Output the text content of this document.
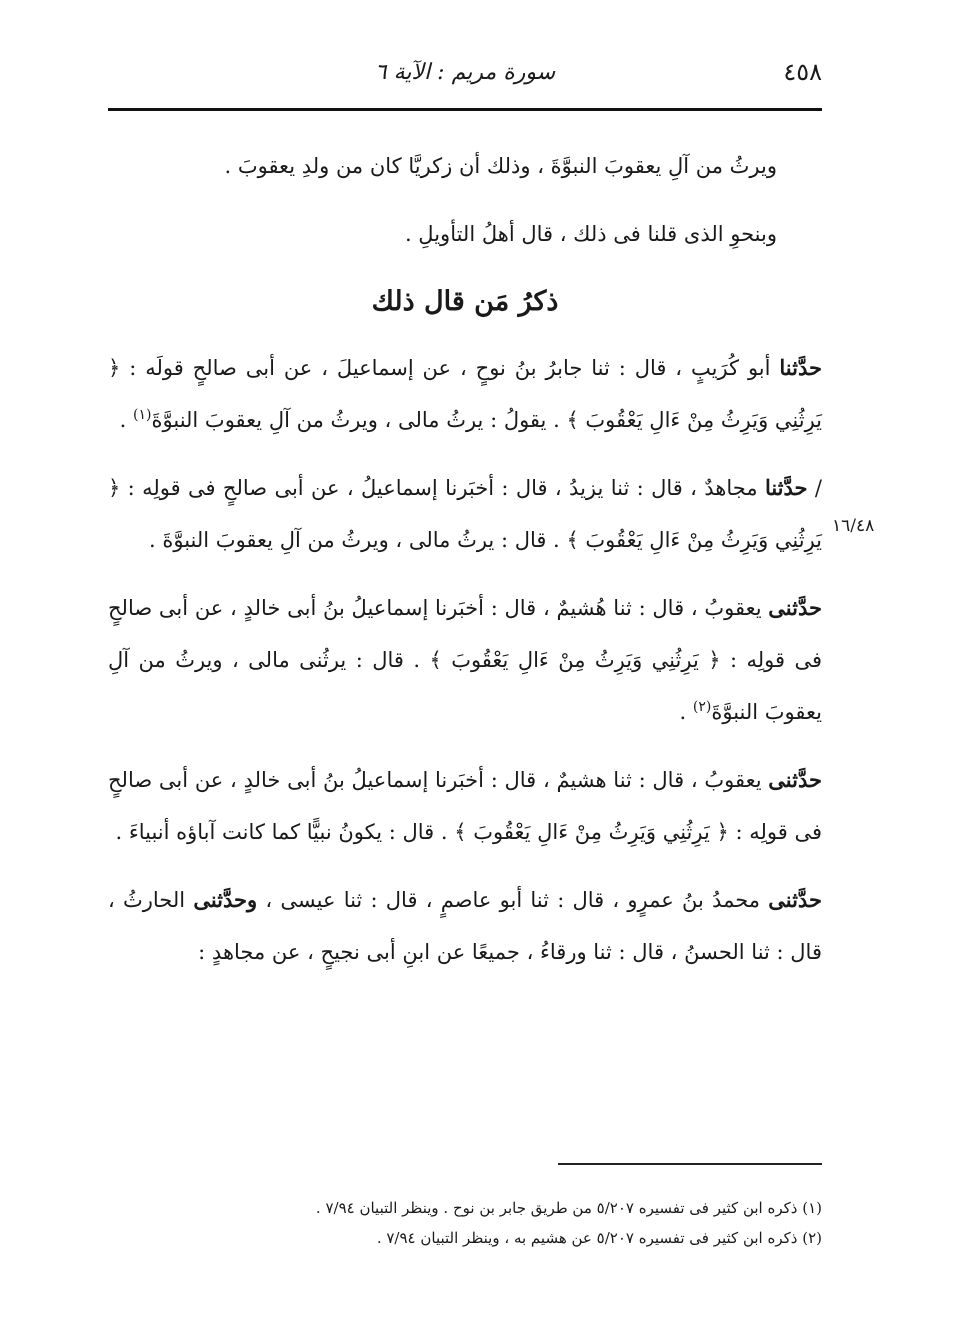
٤٥٨
سورة مريم : الآية ٦
١٦/٤٨

ويرثُ من آلِ يعقوبَ النبوَّةَ ، وذلك أن زكريَّا كان من ولدِ يعقوبَ .

وبنحوِ الذى قلنا فى ذلك ، قال أهلُ التأويلِ .

ذكرُ مَن قال ذلك

حدَّثنا أبو كُرَيبٍ ، قال : ثنا جابرُ بنُ نوحٍ ، عن إسماعيلَ ، عن أبى صالحٍ قولَه : ﴿ يَرِثُنِي وَيَرِثُ مِنْ ءَالِ يَعْقُوبَ ﴾ . يقولُ : يرثُ مالى ، ويرثُ من آلِ يعقوبَ النبوَّةَ$^{(١)}$ .

/ حدَّثنا مجاهدٌ ، قال : ثنا يزيدُ ، قال : أخبَرنا إسماعيلُ ، عن أبى صالحٍ فى قولِه : ﴿ يَرِثُنِي وَيَرِثُ مِنْ ءَالِ يَعْقُوبَ ﴾ . قال : يرثُ مالى ، ويرثُ من آلِ يعقوبَ النبوَّةَ .

حدَّثنى يعقوبُ ، قال : ثنا هُشيمٌ ، قال : أخبَرنا إسماعيلُ بنُ أبى خالدٍ ، عن أبى صالحٍ فى قولِه : ﴿ يَرِثُنِي وَيَرِثُ مِنْ ءَالِ يَعْقُوبَ ﴾ . قال : يرثُنى مالى ، ويرثُ من آلِ يعقوبَ النبوَّةَ$^{(٢)}$ .

حدَّثنى يعقوبُ ، قال : ثنا هشيمٌ ، قال : أخبَرنا إسماعيلُ بنُ أبى خالدٍ ، عن أبى صالحٍ فى قولِه : ﴿ يَرِثُنِي وَيَرِثُ مِنْ ءَالِ يَعْقُوبَ ﴾ . قال : يكونُ نبيًّا كما كانت آباؤه أنبياءَ .

حدَّثنى محمدُ بنُ عمرٍو ، قال : ثنا أبو عاصمٍ ، قال : ثنا عيسى ، وحدَّثنى الحارثُ ، قال : ثنا الحسنُ ، قال : ثنا ورقاءُ ، جميعًا عن ابنِ أبى نجيحٍ ، عن مجاهدٍ :

(١) ذكره ابن كثير فى تفسيره ٥/٢٠٧ من طريق جابر بن نوح . وينظر التبيان ٧/٩٤ .
(٢) ذكره ابن كثير فى تفسيره ٥/٢٠٧ عن هشيم به ، وينظر التبيان ٧/٩٤ .
